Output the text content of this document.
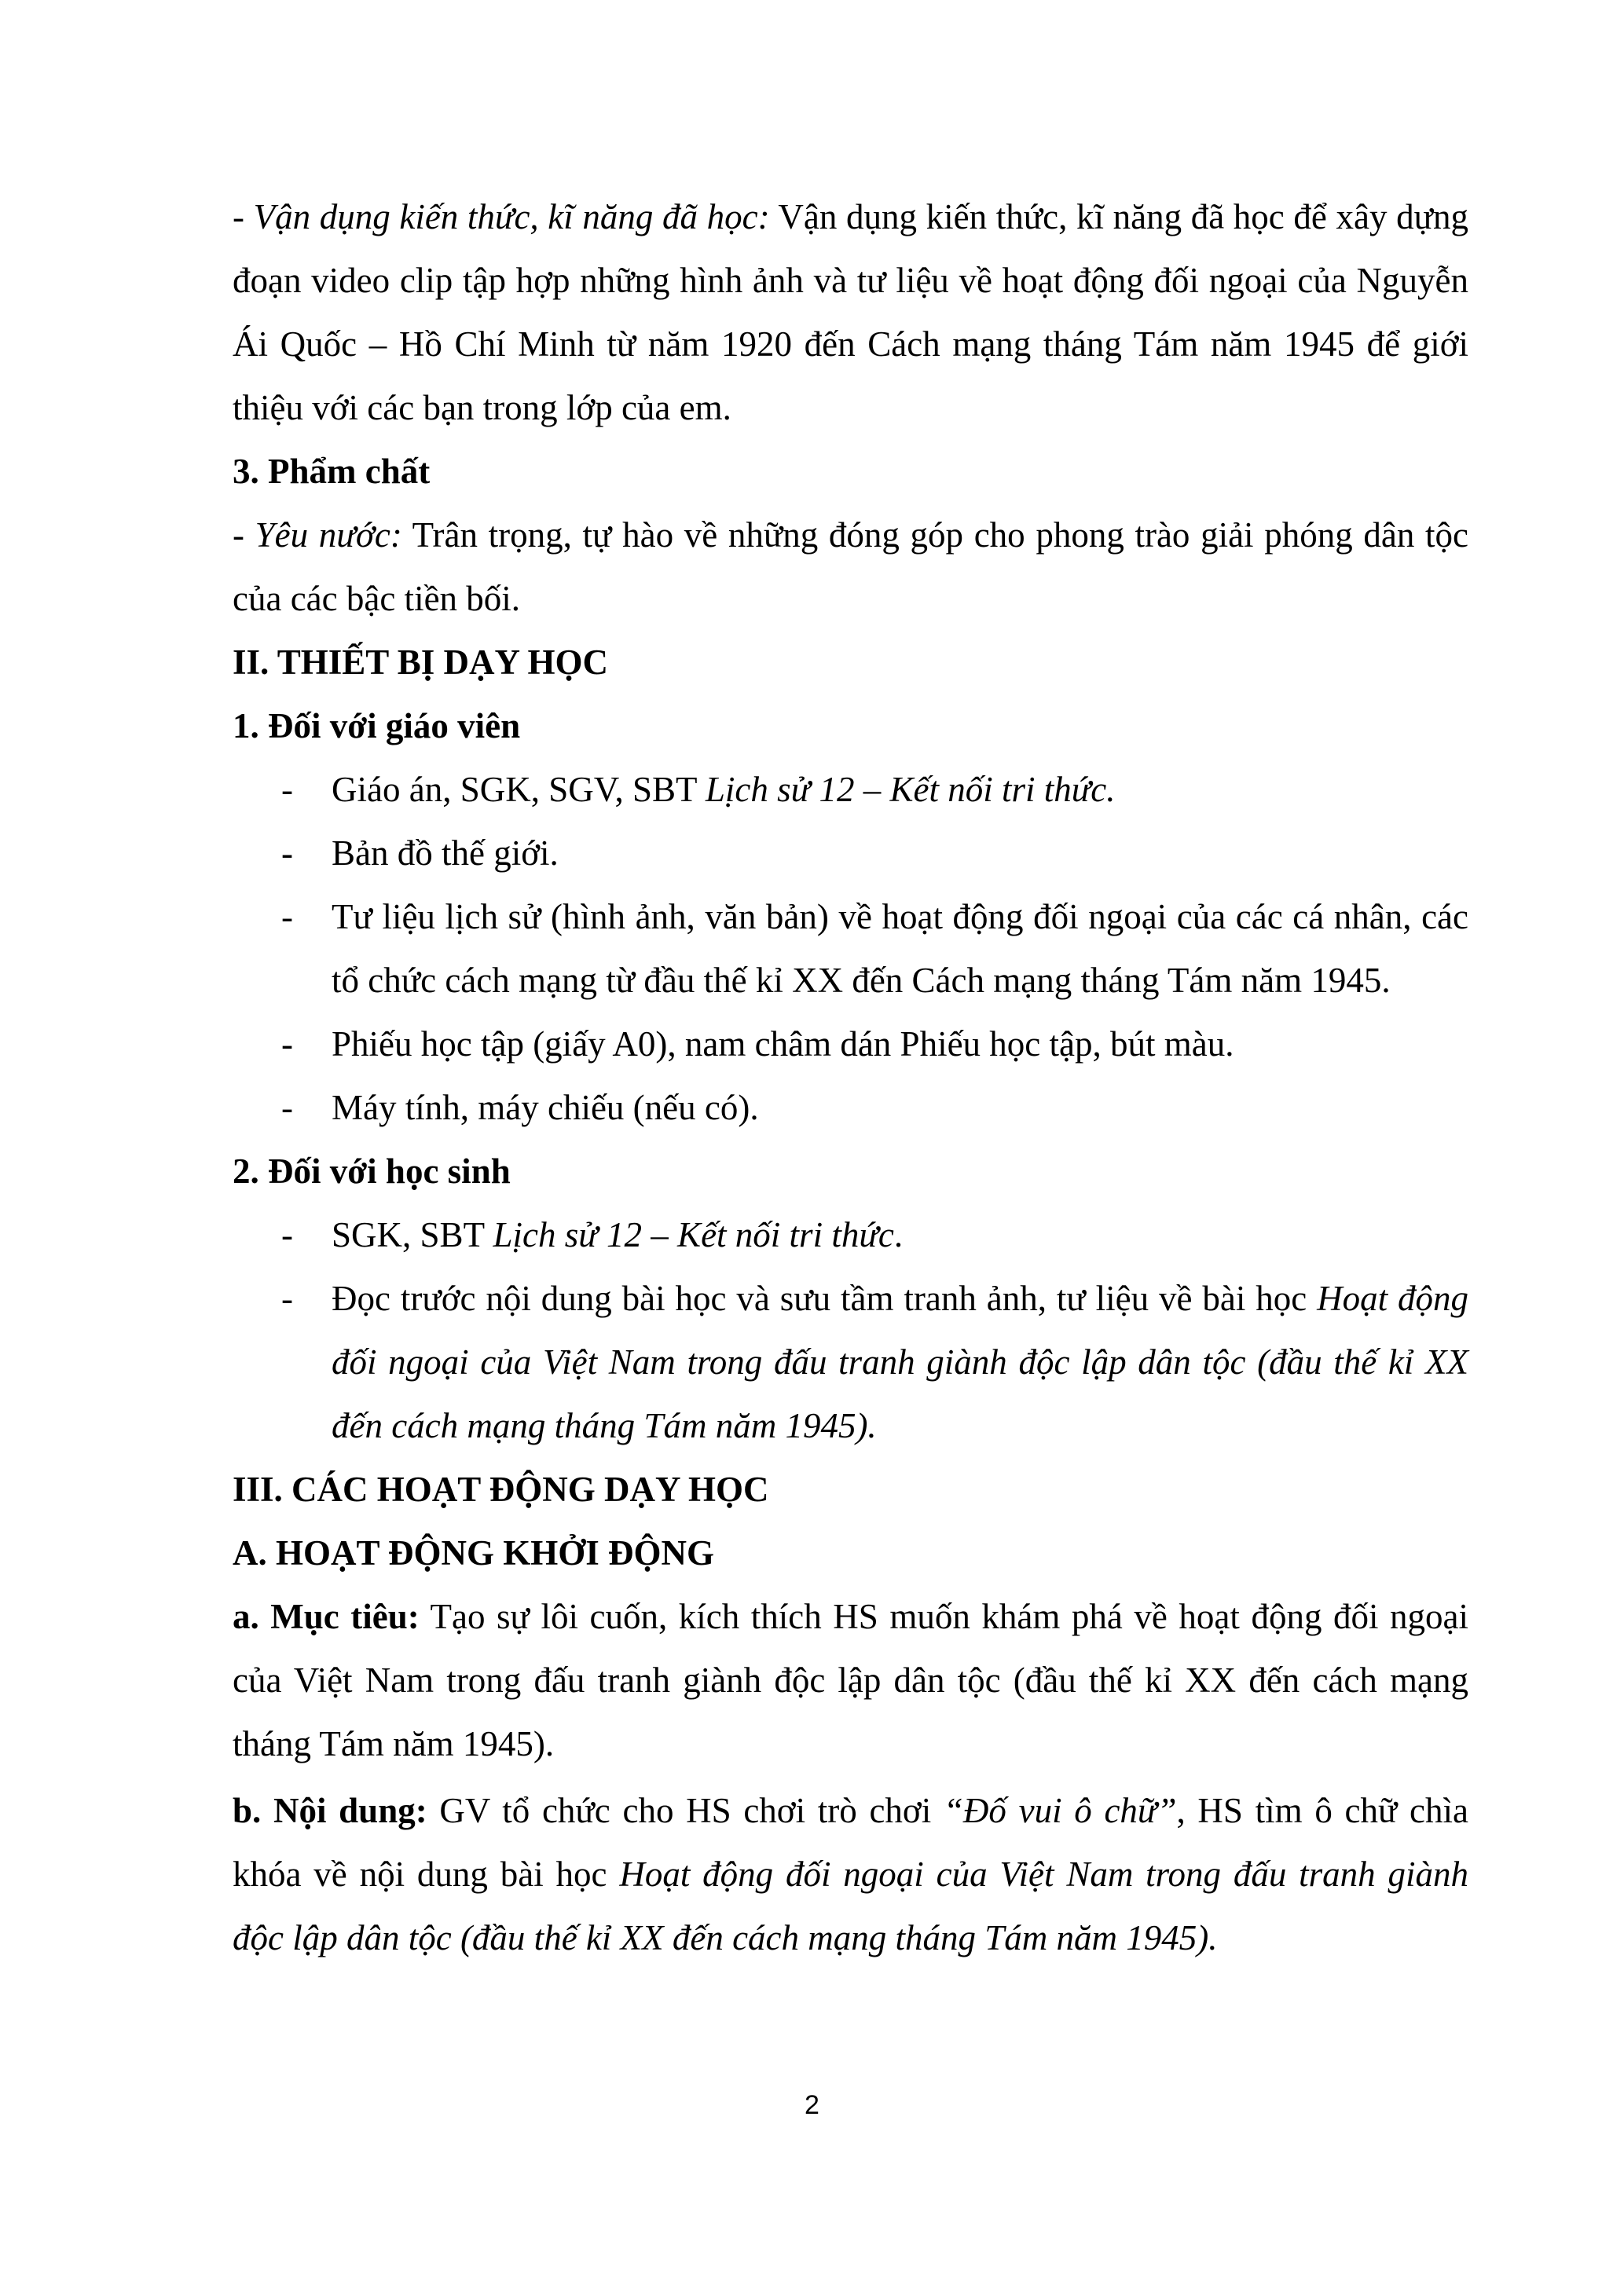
- Vận dụng kiến thức, kĩ năng đã học: Vận dụng kiến thức, kĩ năng đã học để xây dựng đoạn video clip tập hợp những hình ảnh và tư liệu về hoạt động đối ngoại của Nguyễn Ái Quốc – Hồ Chí Minh từ năm 1920 đến Cách mạng tháng Tám năm 1945 để giới thiệu với các bạn trong lớp của em.

3. Phẩm chất

- Yêu nước: Trân trọng, tự hào về những đóng góp cho phong trào giải phóng dân tộc của các bậc tiền bối.

II. THIẾT BỊ DẠY HỌC

1. Đối với giáo viên

- Giáo án, SGK, SGV, SBT Lịch sử 12 – Kết nối tri thức.
- Bản đồ thế giới.
- Tư liệu lịch sử (hình ảnh, văn bản) về hoạt động đối ngoại của các cá nhân, các tổ chức cách mạng từ đầu thế kỉ XX đến Cách mạng tháng Tám năm 1945.
- Phiếu học tập (giấy A0), nam châm dán Phiếu học tập, bút màu.
- Máy tính, máy chiếu (nếu có).

2. Đối với học sinh

- SGK, SBT Lịch sử 12 – Kết nối tri thức.
- Đọc trước nội dung bài học và sưu tầm tranh ảnh, tư liệu về bài học Hoạt động đối ngoại của Việt Nam trong đấu tranh giành độc lập dân tộc (đầu thế kỉ XX đến cách mạng tháng Tám năm 1945).

III. CÁC HOẠT ĐỘNG DẠY HỌC

A. HOẠT ĐỘNG KHỞI ĐỘNG

a. Mục tiêu: Tạo sự lôi cuốn, kích thích HS muốn khám phá về hoạt động đối ngoại của Việt Nam trong đấu tranh giành độc lập dân tộc (đầu thế kỉ XX đến cách mạng tháng Tám năm 1945).

b. Nội dung: GV tổ chức cho HS chơi trò chơi “Đố vui ô chữ”, HS tìm ô chữ chìa khóa về nội dung bài học Hoạt động đối ngoại của Việt Nam trong đấu tranh giành độc lập dân tộc (đầu thế kỉ XX đến cách mạng tháng Tám năm 1945).

2
